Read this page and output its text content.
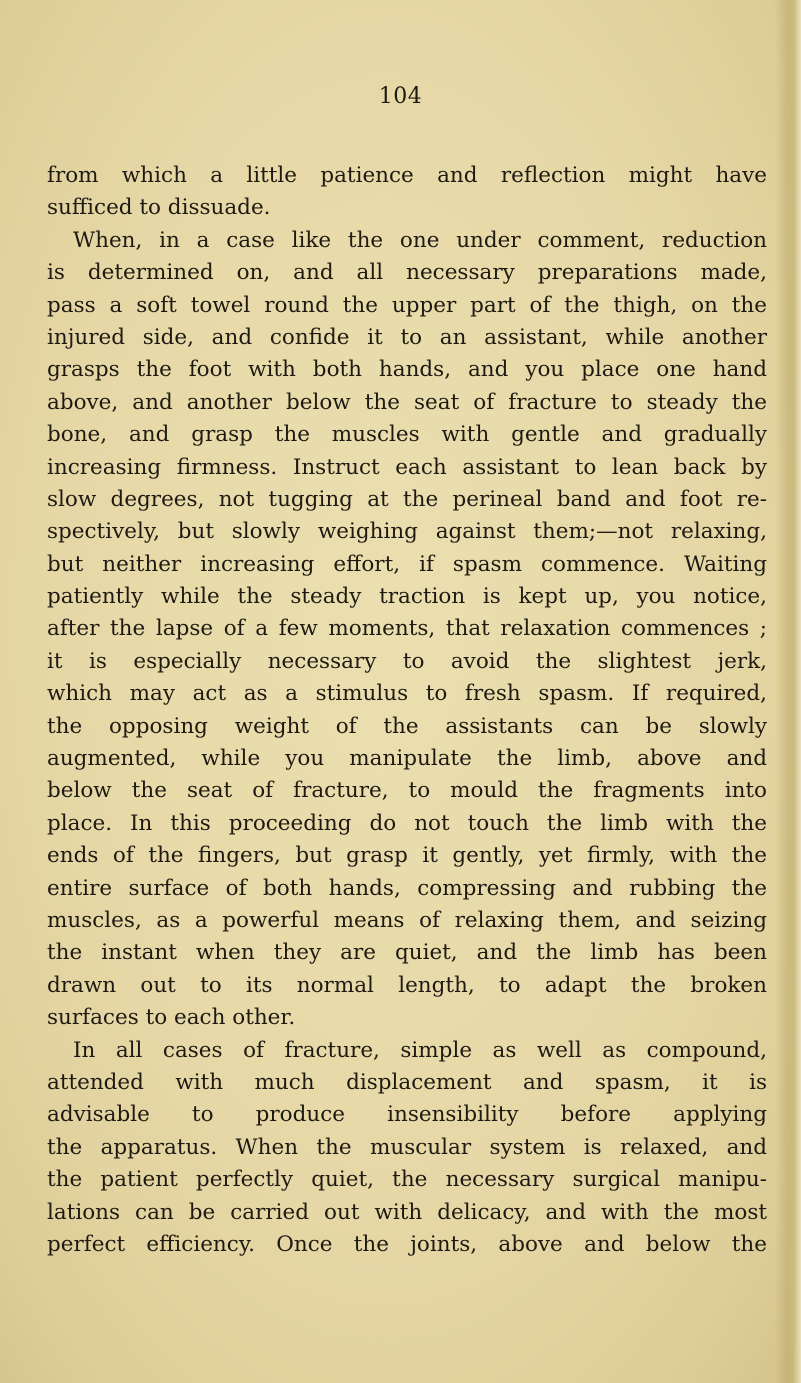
104
from which a little patience and reflection might have
sufficed to dissuade.
When, in a case like the one under comment, reduction
is determined on, and all necessary preparations made,
pass a soft towel round the upper part of the thigh, on the
injured side, and confide it to an assistant, while another
grasps the foot with both hands, and you place one hand
above, and another below the seat of fracture to steady the
bone, and grasp the muscles with gentle and gradually
increasing firmness. Instruct each assistant to lean back by
slow degrees, not tugging at the perineal band and foot re-
spectively, but slowly weighing against them;—not relaxing,
but neither increasing effort, if spasm commence. Waiting
patiently while the steady traction is kept up, you notice,
after the lapse of a few moments, that relaxation commences ;
it is especially necessary to avoid the slightest jerk,
which may act as a stimulus to fresh spasm. If required,
the opposing weight of the assistants can be slowly
augmented, while you manipulate the limb, above and
below the seat of fracture, to mould the fragments into
place. In this proceeding do not touch the limb with the
ends of the fingers, but grasp it gently, yet firmly, with the
entire surface of both hands, compressing and rubbing the
muscles, as a powerful means of relaxing them, and seizing
the instant when they are quiet, and the limb has been
drawn out to its normal length, to adapt the broken
surfaces to each other.
In all cases of fracture, simple as well as compound,
attended with much displacement and spasm, it is
advisable to produce insensibility before applying
the apparatus. When the muscular system is relaxed, and
the patient perfectly quiet, the necessary surgical manipu-
lations can be carried out with delicacy, and with the most
perfect efficiency. Once the joints, above and below the
